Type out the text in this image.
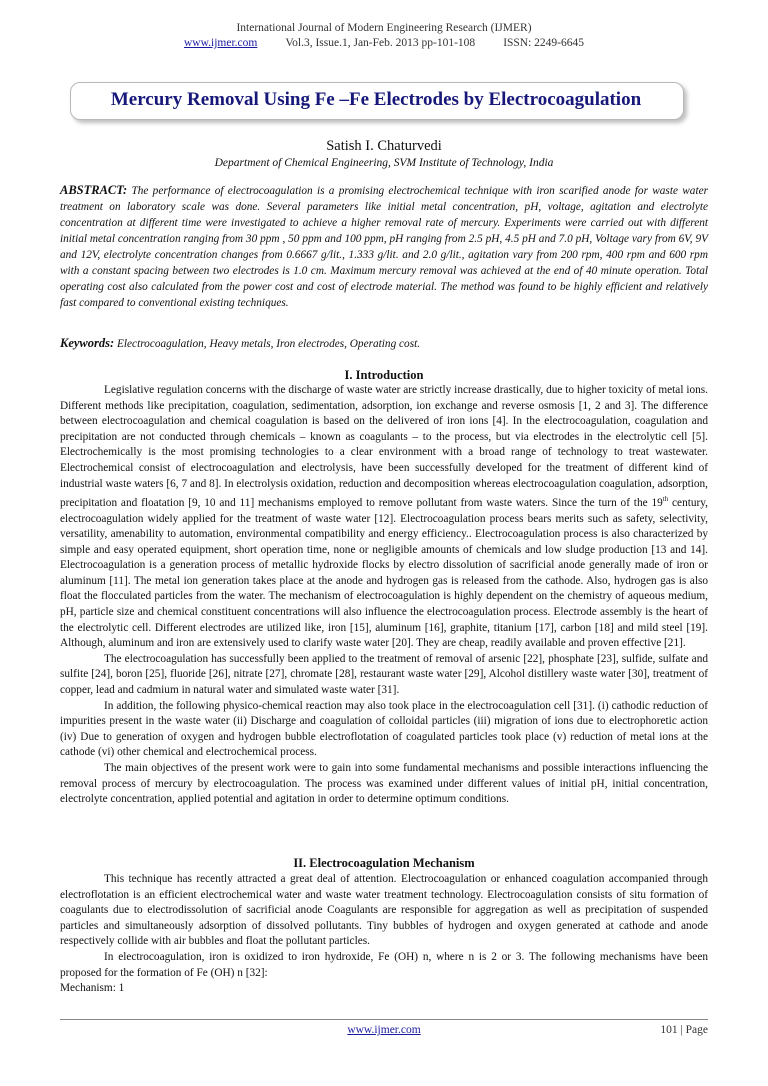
International Journal of Modern Engineering Research (IJMER)
www.ijmer.com Vol.3, Issue.1, Jan-Feb. 2013 pp-101-108 ISSN: 2249-6645
Mercury Removal Using Fe –Fe Electrodes by Electrocoagulation
Satish I. Chaturvedi
Department of Chemical Engineering, SVM Institute of Technology, India
ABSTRACT: The performance of electrocoagulation is a promising electrochemical technique with iron scarified anode for waste water treatment on laboratory scale was done. Several parameters like initial metal concentration, pH, voltage, agitation and electrolyte concentration at different time were investigated to achieve a higher removal rate of mercury. Experiments were carried out with different initial metal concentration ranging from 30 ppm , 50 ppm and 100 ppm, pH ranging from 2.5 pH, 4.5 pH and 7.0 pH, Voltage vary from 6V, 9V and 12V, electrolyte concentration changes from 0.6667 g/lit., 1.333 g/lit. and 2.0 g/lit., agitation vary from 200 rpm, 400 rpm and 600 rpm with a constant spacing between two electrodes is 1.0 cm. Maximum mercury removal was achieved at the end of 40 minute operation. Total operating cost also calculated from the power cost and cost of electrode material. The method was found to be highly efficient and relatively fast compared to conventional existing techniques.
Keywords: Electrocoagulation, Heavy metals, Iron electrodes, Operating cost.
I. Introduction

Legislative regulation concerns with the discharge of waste water are strictly increase drastically, due to higher toxicity of metal ions. Different methods like precipitation, coagulation, sedimentation, adsorption, ion exchange and reverse osmosis [1, 2 and 3]. The difference between electrocoagulation and chemical coagulation is based on the delivered of iron ions [4]. In the electrocoagulation, coagulation and precipitation are not conducted through chemicals – known as coagulants – to the process, but via electrodes in the electrolytic cell [5]. Electrochemically is the most promising technologies to a clear environment with a broad range of technology to treat wastewater. Electrochemical consist of electrocoagulation and electrolysis, have been successfully developed for the treatment of different kind of industrial waste waters [6, 7 and 8]. In electrolysis oxidation, reduction and decomposition whereas electrocoagulation coagulation, adsorption, precipitation and floatation [9, 10 and 11] mechanisms employed to remove pollutant from waste waters. Since the turn of the 19th century, electrocoagulation widely applied for the treatment of waste water [12]. Electrocoagulation process bears merits such as safety, selectivity, versatility, amenability to automation, environmental compatibility and energy efficiency.. Electrocoagulation process is also characterized by simple and easy operated equipment, short operation time, none or negligible amounts of chemicals and low sludge production [13 and 14]. Electrocoagulation is a generation process of metallic hydroxide flocks by electro dissolution of sacrificial anode generally made of iron or aluminum [11]. The metal ion generation takes place at the anode and hydrogen gas is released from the cathode. Also, hydrogen gas is also float the flocculated particles from the water. The mechanism of electrocoagulation is highly dependent on the chemistry of aqueous medium, pH, particle size and chemical constituent concentrations will also influence the electrocoagulation process. Electrode assembly is the heart of the electrolytic cell. Different electrodes are utilized like, iron [15], aluminum [16], graphite, titanium [17], carbon [18] and mild steel [19]. Although, aluminum and iron are extensively used to clarify waste water [20]. They are cheap, readily available and proven effective [21].

The electrocoagulation has successfully been applied to the treatment of removal of arsenic [22], phosphate [23], sulfide, sulfate and sulfite [24], boron [25], fluoride [26], nitrate [27], chromate [28], restaurant waste water [29], Alcohol distillery waste water [30], treatment of copper, lead and cadmium in natural water and simulated waste water [31].

In addition, the following physico-chemical reaction may also took place in the electrocoagulation cell [31]. (i) cathodic reduction of impurities present in the waste water (ii) Discharge and coagulation of colloidal particles (iii) migration of ions due to electrophoretic action (iv) Due to generation of oxygen and hydrogen bubble electroflotation of coagulated particles took place (v) reduction of metal ions at the cathode (vi) other chemical and electrochemical process.

The main objectives of the present work were to gain into some fundamental mechanisms and possible interactions influencing the removal process of mercury by electrocoagulation. The process was examined under different values of initial pH, initial concentration, electrolyte concentration, applied potential and agitation in order to determine optimum conditions.

II. Electrocoagulation Mechanism

This technique has recently attracted a great deal of attention. Electrocoagulation or enhanced coagulation accompanied through electroflotation is an efficient electrochemical water and waste water treatment technology. Electrocoagulation consists of situ formation of coagulants due to electrodissolution of sacrificial anode Coagulants are responsible for aggregation as well as precipitation of suspended particles and simultaneously adsorption of dissolved pollutants. Tiny bubbles of hydrogen and oxygen generated at cathode and anode respectively collide with air bubbles and float the pollutant particles.

In electrocoagulation, iron is oxidized to iron hydroxide, Fe (OH) n, where n is 2 or 3. The following mechanisms have been proposed for the formation of Fe (OH) n [32]:

Mechanism: 1

www.ijmer.com	101 | Page
